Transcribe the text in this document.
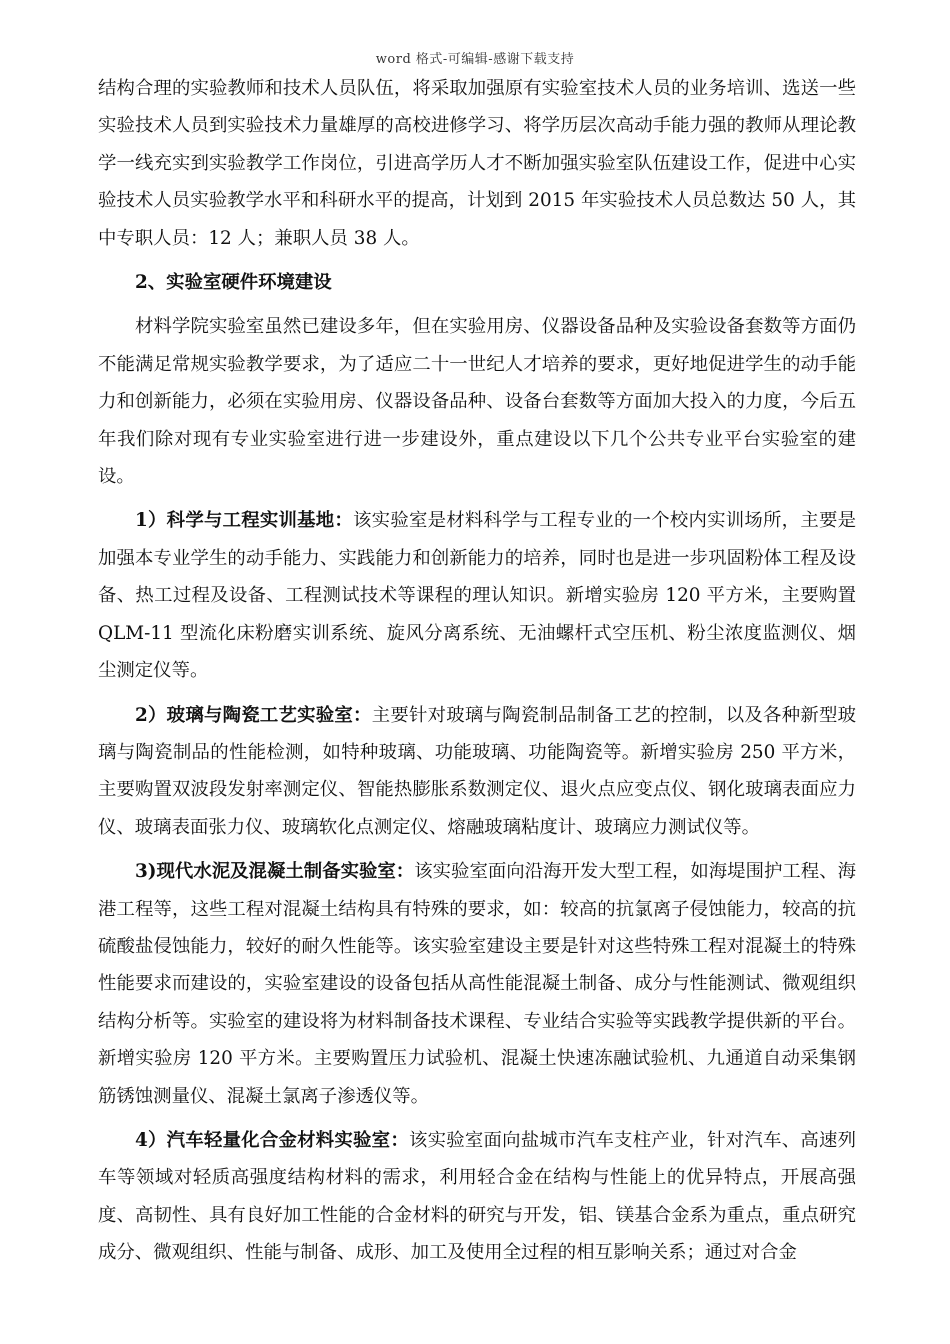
word 格式-可编辑-感谢下载支持

结构合理的实验教师和技术人员队伍，将采取加强原有实验室技术人员的业务培训、选送一些实验技术人员到实验技术力量雄厚的高校进修学习、将学历层次高动手能力强的教师从理论教学一线充实到实验教学工作岗位，引进高学历人才不断加强实验室队伍建设工作，促进中心实验技术人员实验教学水平和科研水平的提高，计划到 2015 年实验技术人员总数达 50 人，其中专职人员：12 人；兼职人员 38 人。

2、实验室硬件环境建设

材料学院实验室虽然已建设多年，但在实验用房、仪器设备品种及实验设备套数等方面仍不能满足常规实验教学要求，为了适应二十一世纪人才培养的要求，更好地促进学生的动手能力和创新能力，必须在实验用房、仪器设备品种、设备台套数等方面加大投入的力度，今后五年我们除对现有专业实验室进行进一步建设外，重点建设以下几个公共专业平台实验室的建设。

1）科学与工程实训基地：该实验室是材料科学与工程专业的一个校内实训场所，主要是加强本专业学生的动手能力、实践能力和创新能力的培养，同时也是进一步巩固粉体工程及设备、热工过程及设备、工程测试技术等课程的理认知识。新增实验房 120 平方米，主要购置 QLM-11 型流化床粉磨实训系统、旋风分离系统、无油螺杆式空压机、粉尘浓度监测仪、烟尘测定仪等。

2）玻璃与陶瓷工艺实验室：主要针对玻璃与陶瓷制品制备工艺的控制，以及各种新型玻璃与陶瓷制品的性能检测，如特种玻璃、功能玻璃、功能陶瓷等。新增实验房 250 平方米，主要购置双波段发射率测定仪、智能热膨胀系数测定仪、退火点应变点仪、钢化玻璃表面应力仪、玻璃表面张力仪、玻璃软化点测定仪、熔融玻璃粘度计、玻璃应力测试仪等。

3)现代水泥及混凝土制备实验室：该实验室面向沿海开发大型工程，如海堤围护工程、海港工程等，这些工程对混凝土结构具有特殊的要求，如：较高的抗氯离子侵蚀能力，较高的抗硫酸盐侵蚀能力，较好的耐久性能等。该实验室建设主要是针对这些特殊工程对混凝土的特殊性能要求而建设的，实验室建设的设备包括从高性能混凝土制备、成分与性能测试、微观组织结构分析等。实验室的建设将为材料制备技术课程、专业结合实验等实践教学提供新的平台。新增实验房 120 平方米。主要购置压力试验机、混凝土快速冻融试验机、九通道自动采集钢筋锈蚀测量仪、混凝土氯离子渗透仪等。

4）汽车轻量化合金材料实验室：该实验室面向盐城市汽车支柱产业，针对汽车、高速列车等领域对轻质高强度结构材料的需求，利用轻合金在结构与性能上的优异特点，开展高强度、高韧性、具有良好加工性能的合金材料的研究与开发，铝、镁基合金系为重点，重点研究成分、微观组织、性能与制备、成形、加工及使用全过程的相互影响关系；通过对合金
